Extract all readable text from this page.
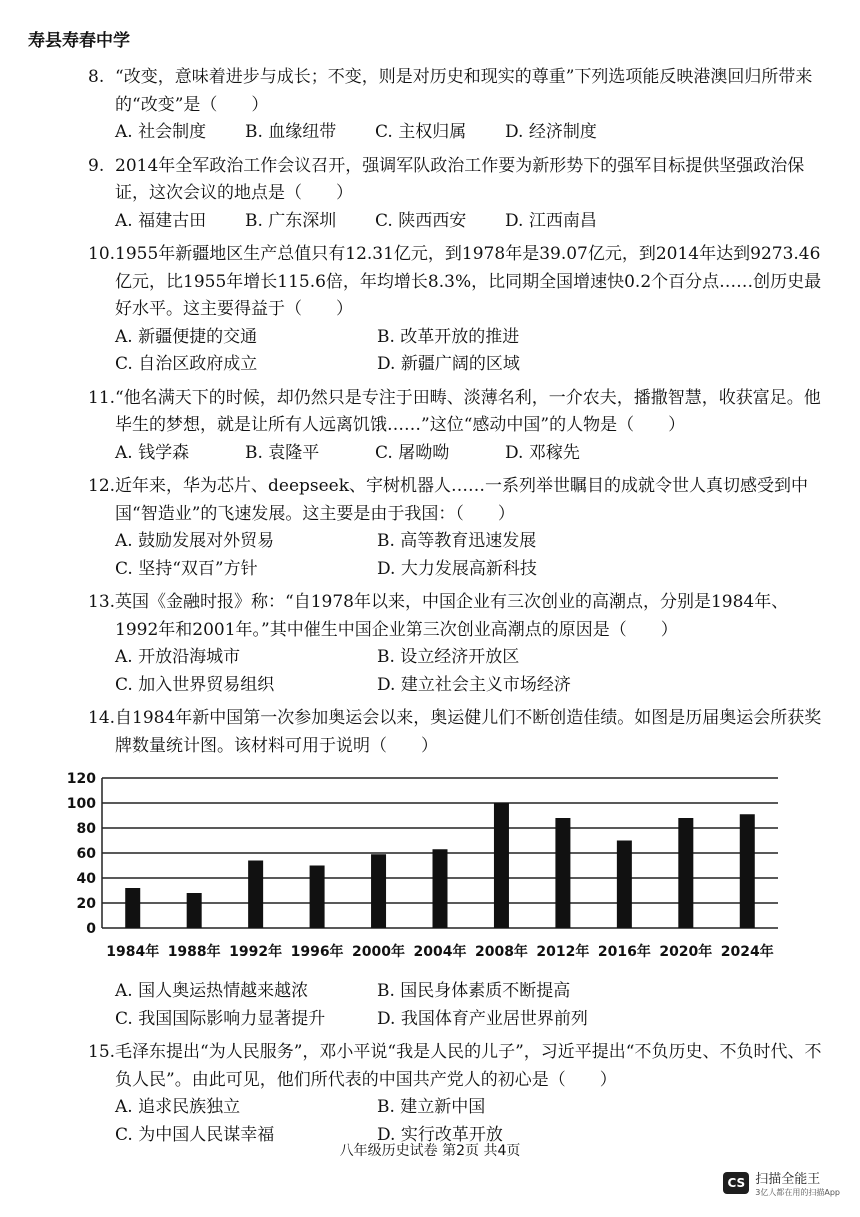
寿县寿春中学
8. “改变，意味着进步与成长；不变，则是对历史和现实的尊重”下列选项能反映港澳回归所带来的“改变”是（　　）
A. 社会制度	B. 血缘纽带	C. 主权归属	D. 经济制度
9. 2014年全军政治工作会议召开，强调军队政治工作要为新形势下的强军目标提供坚强政治保证，这次会议的地点是（　　）
A. 福建古田	B. 广东深圳	C. 陕西西安	D. 江西南昌
10. 1955年新疆地区生产总值只有12.31亿元，到1978年是39.07亿元，到2014年达到9273.46亿元，比1955年增长115.6倍，年均增长8.3%，比同期全国增速快0.2个百分点……创历史最好水平。这主要得益于（　　）
A. 新疆便捷的交通	B. 改革开放的推进
C. 自治区政府成立	D. 新疆广阔的区域
11. “他名满天下的时候，却仍然只是专注于田畴、淡薄名利，一介农夫，播撒智慧，收获富足。他毕生的梦想，就是让所有人远离饥饿……”这位“感动中国”的人物是（　　）
A. 钱学森	B. 袁隆平	C. 屠呦呦	D. 邓稼先
12. 近年来，华为芯片、deepseek、宇树机器人……一系列举世瞩目的成就令世人真切感受到中国“智造业”的飞速发展。这主要是由于我国：（　　）
A. 鼓励发展对外贸易	B. 高等教育迅速发展
C. 坚持“双百”方针	D. 大力发展高新科技
13. 英国《金融时报》称：“自1978年以来，中国企业有三次创业的高潮点，分别是1984年、1992年和2001年。”其中催生中国企业第三次创业高潮点的原因是（　　）
A. 开放沿海城市	B. 设立经济开放区
C. 加入世界贸易组织	D. 建立社会主义市场经济
14. 自1984年新中国第一次参加奥运会以来，奥运健儿们不断创造佳绩。如图是历届奥运会所获奖牌数量统计图。该材料可用于说明（　　）
0
20
40
60
80
100
120
1984年 1988年 1992年 1996年 2000年 2004年 2008年 2012年 2016年 2020年 2024年
A. 国人奥运热情越来越浓	B. 国民身体素质不断提高
C. 我国国际影响力显著提升	D. 我国体育产业居世界前列
15. 毛泽东提出“为人民服务”，邓小平说“我是人民的儿子”，习近平提出“不负历史、不负时代、不负人民”。由此可见，他们所代表的中国共产党人的初心是（　　）
A. 追求民族独立	B. 建立新中国
C. 为中国人民谋幸福	D. 实行改革开放
八年级历史试卷 第2页 共4页
CS 扫描全能王
3亿人都在用的扫描App
